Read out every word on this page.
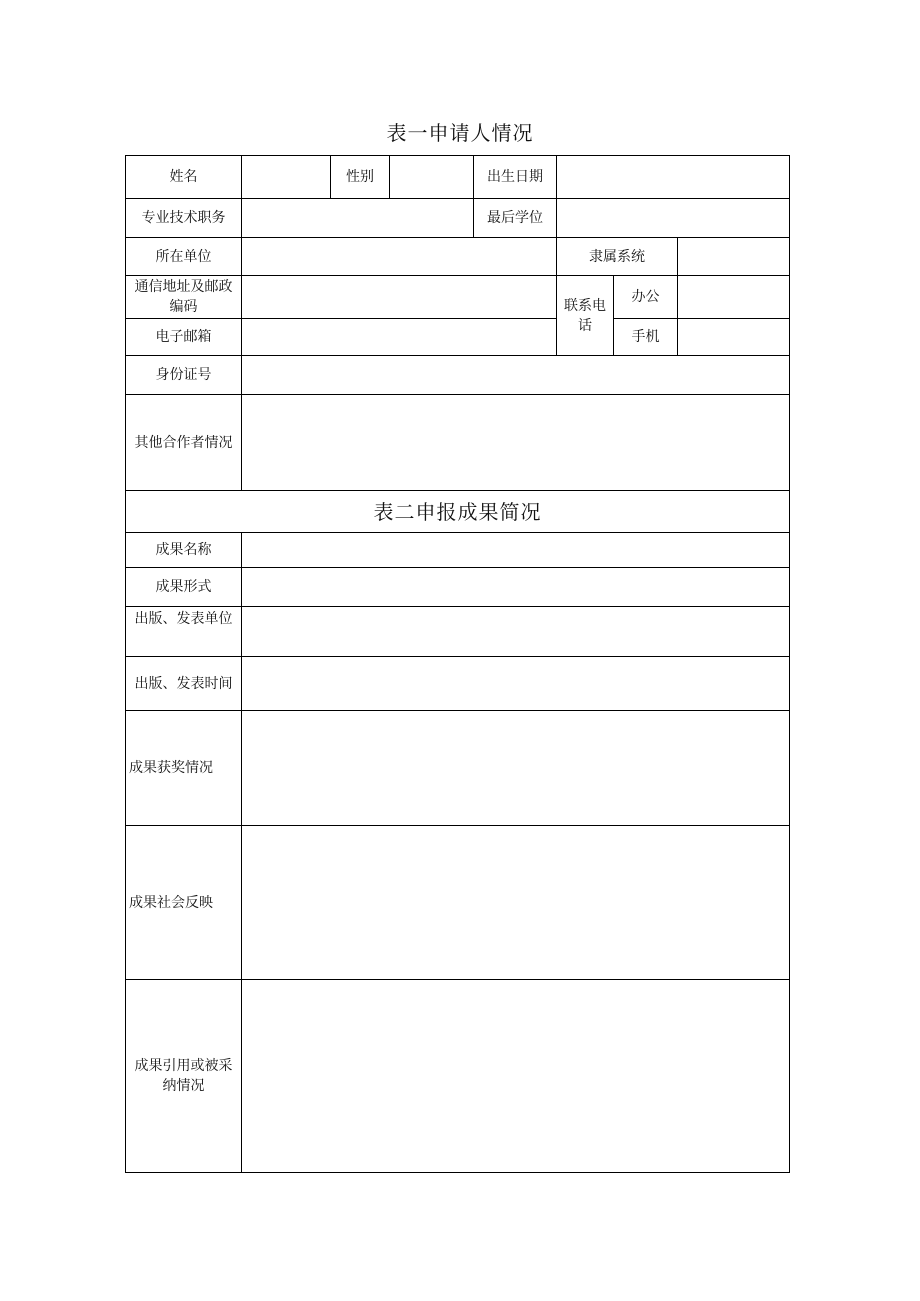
表一申请人情况
姓名		性别		出生日期			
专业技术职务				最后学位			
所在单位					隶属系统		
通信地址及邮政编码					联系电话	办公	
电子邮箱						手机	
身份证号							
其他合作者情况							
表二申报成果简况							
成果名称							
成果形式							
出版、发表单位							
出版、发表时间							
成果获奖情况							
成果社会反映							
成果引用或被采纳情况							
